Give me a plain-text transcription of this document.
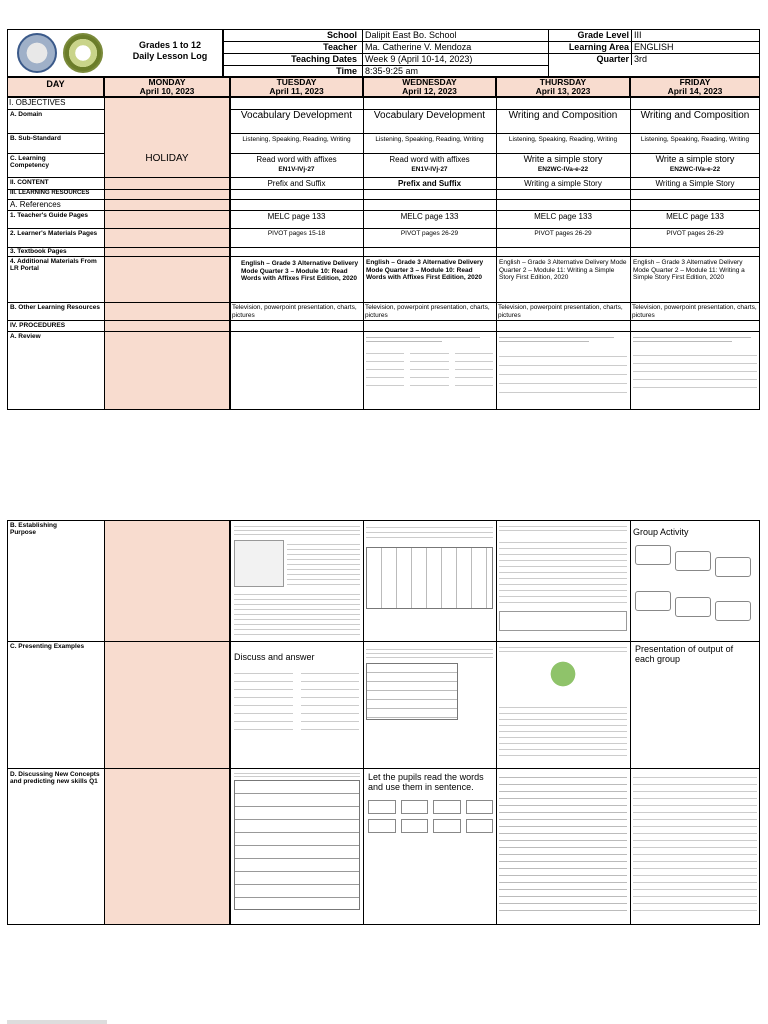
Grades 1 to 12
Daily Lesson Log
School
Teacher
Teaching Dates
Time
Dalipit East Bo. School
Ma. Catherine V. Mendoza
Week 9 (April 10-14, 2023)
8:35-9:25 am
Grade Level
Learning Area
Quarter
III
ENGLISH
3rd
DAY	MONDAY
April 10, 2023
TUESDAY
April 11, 2023
WEDNESDAY
April 12, 2023
THURSDAY
April 13, 2023
FRIDAY
April 14, 2023
I. OBJECTIVES
A. Domain
B. Sub-Standard
C. Learning Competency
II. CONTENT
III. LEARNING RESOURCES
A. References
1. Teacher's Guide Pages
2. Learner's Materials Pages
3. Textbook Pages
4. Additional Materials From LR Portal
B. Other Learning Resources
IV. PROCEDURES
A. Review
HOLIDAY
Vocabulary Development
Listening, Speaking, Reading, Writing
Read word with affixes
EN1V-IVj-27
Prefix and Suffix
MELC page 133
PIVOT pages 15-18
English – Grade 3 Alternative Delivery Mode Quarter 3 – Module 10: Read Words with Affixes First Edition, 2020
Television, powerpoint presentation, charts, pictures
Vocabulary Development
Listening, Speaking, Reading, Writing
Read word with affixes
EN1V-IVj-27
Prefix and Suffix
MELC page 133
PIVOT pages 26-29
English – Grade 3 Alternative Delivery Mode Quarter 3 – Module 10: Read Words with Affixes First Edition, 2020
Television, powerpoint presentation, charts, pictures
Writing and Composition
Listening, Speaking, Reading, Writing
Write a simple story
EN2WC-IVa-e-22
Writing a simple Story
MELC page 133
PIVOT pages 26-29
English – Grade 3 Alternative Delivery Mode Quarter 2 – Module 11: Writing a Simple Story First Edition, 2020
Television, powerpoint presentation, charts, pictures
Writing and Composition
Listening, Speaking, Reading, Writing
Write a simple story
EN2WC-IVa-e-22
Writing a Simple Story
MELC page 133
PIVOT pages 26-29
English – Grade 3 Alternative Delivery Mode Quarter 2 – Module 11: Writing a Simple Story First Edition, 2020
Television, powerpoint presentation, charts, pictures
B. Establishing Purpose
C. Presenting Examples
D. Discussing New Concepts and predicting new skills Q1
Group Activity
Discuss and answer
Presentation of output of each group
Let the pupils read the words and use them in sentence.
